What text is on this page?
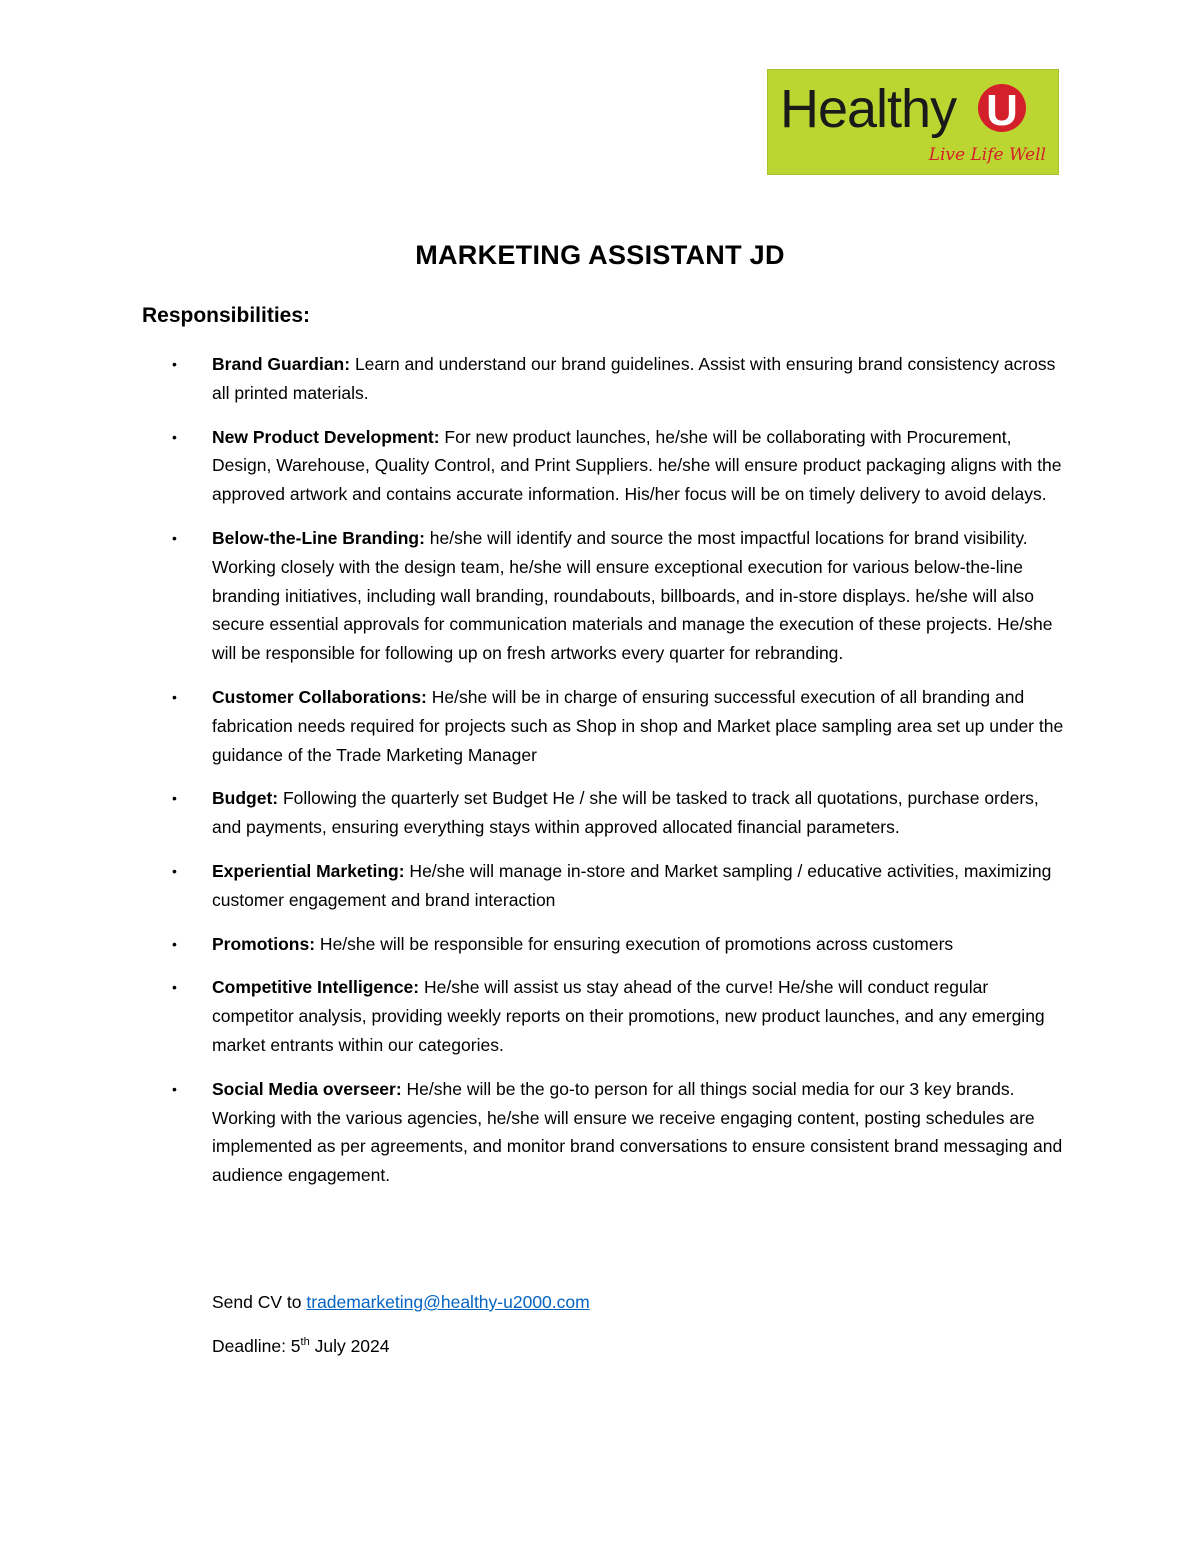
Healthy U
Live Life Well
MARKETING ASSISTANT JD
Responsibilities:
• Brand Guardian: Learn and understand our brand guidelines. Assist with ensuring brand consistency across all printed materials.
• New Product Development: For new product launches, he/she will be collaborating with Procurement, Design, Warehouse, Quality Control, and Print Suppliers. he/she will ensure product packaging aligns with the approved artwork and contains accurate information. His/her focus will be on timely delivery to avoid delays.
• Below-the-Line Branding: he/she will identify and source the most impactful locations for brand visibility. Working closely with the design team, he/she will ensure exceptional execution for various below-the-line branding initiatives, including wall branding, roundabouts, billboards, and in-store displays. he/she will also secure essential approvals for communication materials and manage the execution of these projects. He/she will be responsible for following up on fresh artworks every quarter for rebranding.
• Customer Collaborations: He/she will be in charge of ensuring successful execution of all branding and fabrication needs required for projects such as Shop in shop and Market place sampling area set up under the guidance of the Trade Marketing Manager
• Budget: Following the quarterly set Budget He / she will be tasked to track all quotations, purchase orders, and payments, ensuring everything stays within approved allocated financial parameters.
• Experiential Marketing: He/she will manage in-store and Market sampling / educative activities, maximizing customer engagement and brand interaction
• Promotions: He/she will be responsible for ensuring execution of promotions across customers
• Competitive Intelligence: He/she will assist us stay ahead of the curve! He/she will conduct regular competitor analysis, providing weekly reports on their promotions, new product launches, and any emerging market entrants within our categories.
• Social Media overseer: He/she will be the go-to person for all things social media for our 3 key brands. Working with the various agencies, he/she will ensure we receive engaging content, posting schedules are implemented as per agreements, and monitor brand conversations to ensure consistent brand messaging and audience engagement.

Send CV to trademarketing@healthy-u2000.com

Deadline: 5th July 2024
